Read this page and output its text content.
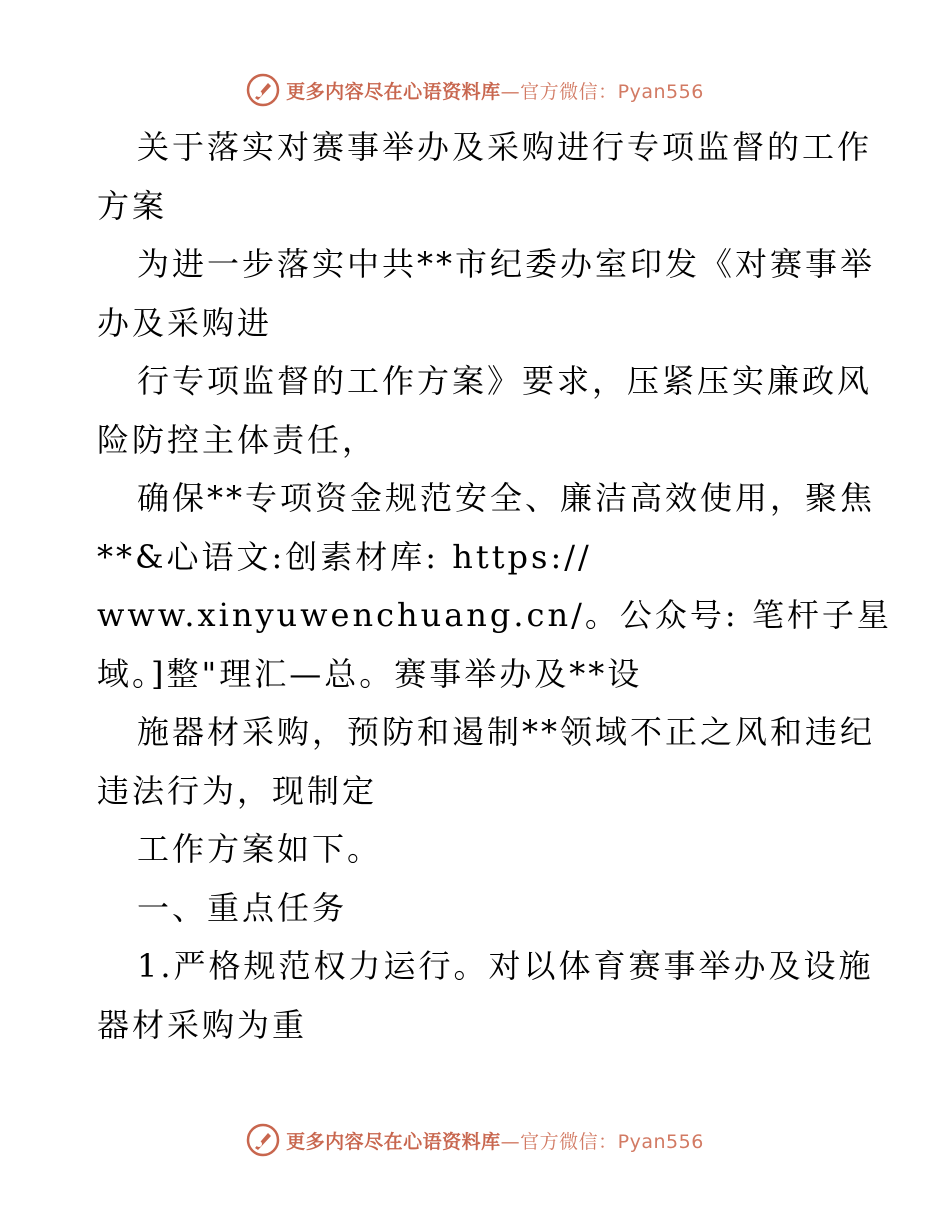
更多内容尽在心语资料库—官方微信：Pyan556
关于落实对赛事举办及采购进行专项监督的工作
方案
为进一步落实中共**市纪委办室印发《对赛事举
办及采购进
行专项监督的工作方案》要求，压紧压实廉政风
险防控主体责任，
确保**专项资金规范安全、廉洁高效使用，聚焦
**&心语文:创素材库: https://
www.xinyuwenchuang.cn/。公众号: 笔杆子星
域。]整"理汇—总。赛事举办及**设
施器材采购，预防和遏制**领域不正之风和违纪
违法行为，现制定
工作方案如下。
一、重点任务
1.严格规范权力运行。对以体育赛事举办及设施
器材采购为重
更多内容尽在心语资料库—官方微信：Pyan556
